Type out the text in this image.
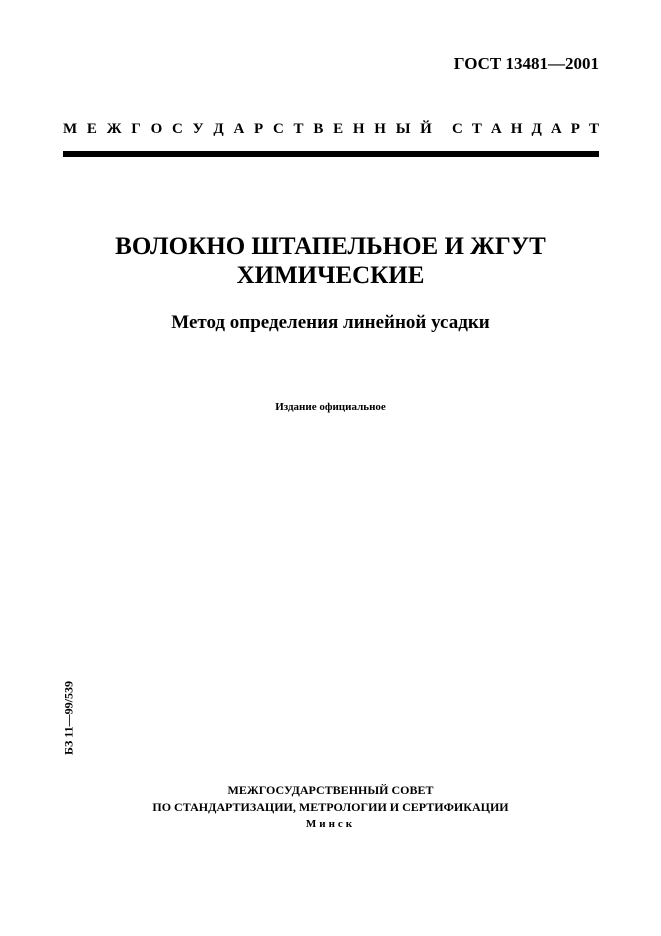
ГОСТ 13481—2001
М Е Ж Г О С У Д А Р С Т В Е Н Н Ы Й С Т А Н Д А Р Т
ВОЛОКНО ШТАПЕЛЬНОЕ И ЖГУТ
ХИМИЧЕСКИЕ
Метод определения линейной усадки
Издание официальное
БЗ 11—99/539
МЕЖГОСУДАРСТВЕННЫЙ СОВЕТ
ПО СТАНДАРТИЗАЦИИ, МЕТРОЛОГИИ И СЕРТИФИКАЦИИ
Минск
